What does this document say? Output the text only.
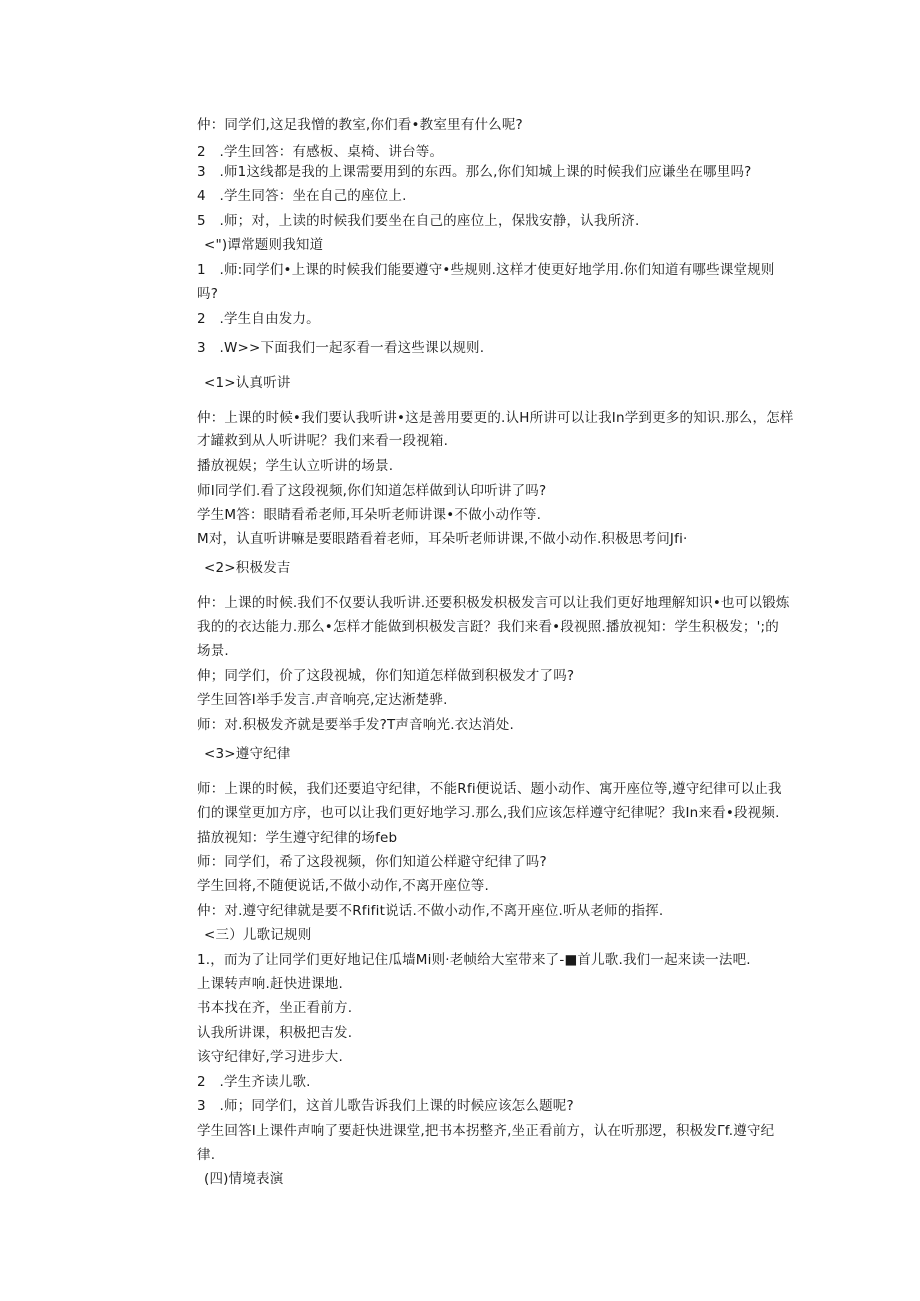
仲：同学们,这足我憎的教室,你们看•教室里有什么呢?
2　.学生回答：有感板、桌椅、讲台等。
3　.师1这线都是我的上课需要用到的东西。那么,你们知城上课的时候我们应谦坐在哪里吗?
4　.学生同答：坐在自己的座位上.
5　.师；对，上读的时候我们要坐在自己的座位上，保戕安静，认我所济.
<")谭常题则我知道
1　.师:同学们•上课的时候我们能要遵守•些规则.这样才使更好地学用.你们知道有哪些课堂规则
吗?
2　.学生自由发力。
3　.W>>下面我们一起豕看一看这些课以规则.
<1>认真听讲
仲：上课的时候•我们要认我听讲•这是善用要更的.认H所讲可以让我In学到更多的知识.那么，怎样
才罐救到从人听讲呢？我们来看一段视箱.
播放视娱；学生认立听讲的场景.
师I同学们.看了这段视频,你们知道怎样做到认印听讲了吗?
学生M答：眼睛看希老师,耳朵听老师讲课•不做小动作等.
M对，认直听讲嘛是要眼踏看着老师，耳朵听老师讲课,不做小动作.积极思考问Jfi·
<2>积极发吉
仲：上课的时候.我们不仅要认我听讲.还要积极发枳极发言可以让我们更好地理解知识•也可以锻炼
我的的衣达能力.那么•怎样才能做到枳极发言跹？我们来看•段视照.播放视知：学生积极发；';的
场景.
伸；同学们，价了这段视城，你们知道怎样做到积极发才了吗?
学生回答I举手发言.声音响亮,定达淅楚骅.
师：对.积极发齐就是要举手发?T声音响光.衣达消处.
<3>遵守纪律
师：上课的时候，我们还要追守纪律，不能Rfi便说话、题小动作、寓开座位等,遵守纪律可以止我
们的课堂更加方序，也可以让我们更好地学习.那么,我们应该怎样遵守纪律呢？我In来看•段视频.
描放视知：学生遵守纪律的场feb
师：同学们，希了这段视频，你们知道公样避守纪律了吗?
学生回将,不随便说话,不做小动作,不离开座位等.
仲：对.遵守纪律就是要不Rfifit说话.不做小动作,不离开座位.听从老师的指挥.
<三）儿歌记规则
1.，而为了让同学们更好地记住瓜墙Mi则·老帧给大室带来了-■首儿歌.我们一起来读一法吧.
上课转声响.赶快进课地.
书本找在齐，坐正看前方.
认我所讲课，积极把吉发.
该守纪律好,学习进步大.
2　.学生齐读儿歌.
3　.师；同学们，这首儿歌告诉我们上课的时候应该怎么题呢?
学生回答I上课件声响了要赶快进课堂,把书本拐整齐,坐正看前方，认在听那逻，积极发Γf.遵守纪
律.
(四)情境表演
